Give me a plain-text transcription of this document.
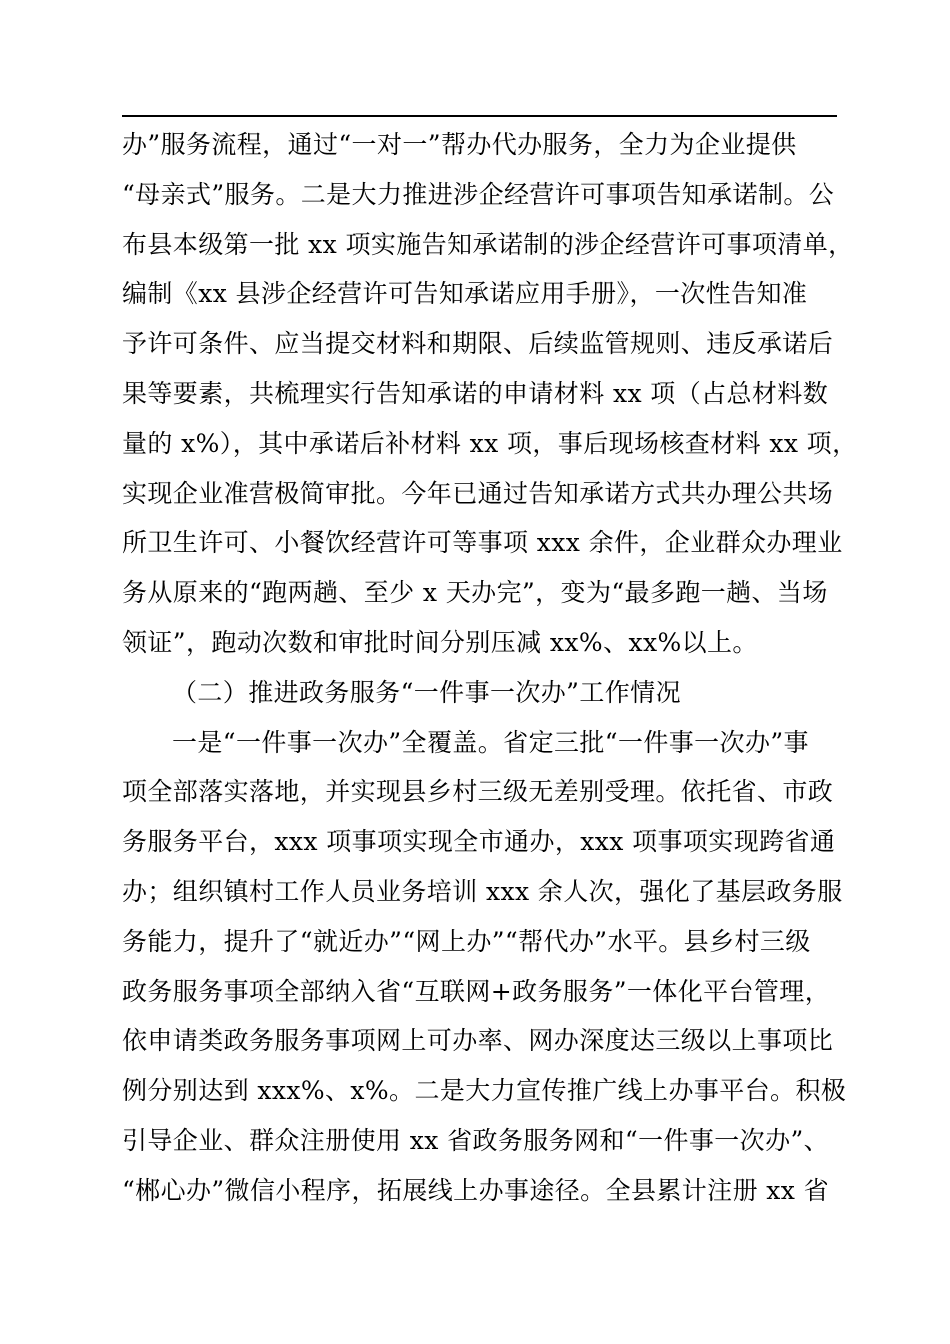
办”服务流程，通过“一对一”帮办代办服务，全力为企业提供
“母亲式”服务。二是大力推进涉企经营许可事项告知承诺制。公
布县本级第一批 xx 项实施告知承诺制的涉企经营许可事项清单，
编制《xx 县涉企经营许可告知承诺应用手册》，一次性告知准
予许可条件、应当提交材料和期限、后续监管规则、违反承诺后
果等要素，共梳理实行告知承诺的申请材料 xx 项（占总材料数
量的 x%），其中承诺后补材料 xx 项，事后现场核查材料 xx 项，
实现企业准营极简审批。今年已通过告知承诺方式共办理公共场
所卫生许可、小餐饮经营许可等事项 xxx 余件，企业群众办理业
务从原来的“跑两趟、至少 x 天办完”，变为“最多跑一趟、当场
领证”，跑动次数和审批时间分别压减 xx%、xx%以上。
（二）推进政务服务“一件事一次办”工作情况
一是“一件事一次办”全覆盖。省定三批“一件事一次办”事
项全部落实落地，并实现县乡村三级无差别受理。依托省、市政
务服务平台，xxx 项事项实现全市通办，xxx 项事项实现跨省通
办；组织镇村工作人员业务培训 xxx 余人次，强化了基层政务服
务能力，提升了“就近办”“网上办”“帮代办”水平。县乡村三级
政务服务事项全部纳入省“互联网+政务服务”一体化平台管理，
依申请类政务服务事项网上可办率、网办深度达三级以上事项比
例分别达到 xxx%、x%。二是大力宣传推广线上办事平台。积极
引导企业、群众注册使用 xx 省政务服务网和“一件事一次办”、
“郴心办”微信小程序，拓展线上办事途径。全县累计注册 xx 省
